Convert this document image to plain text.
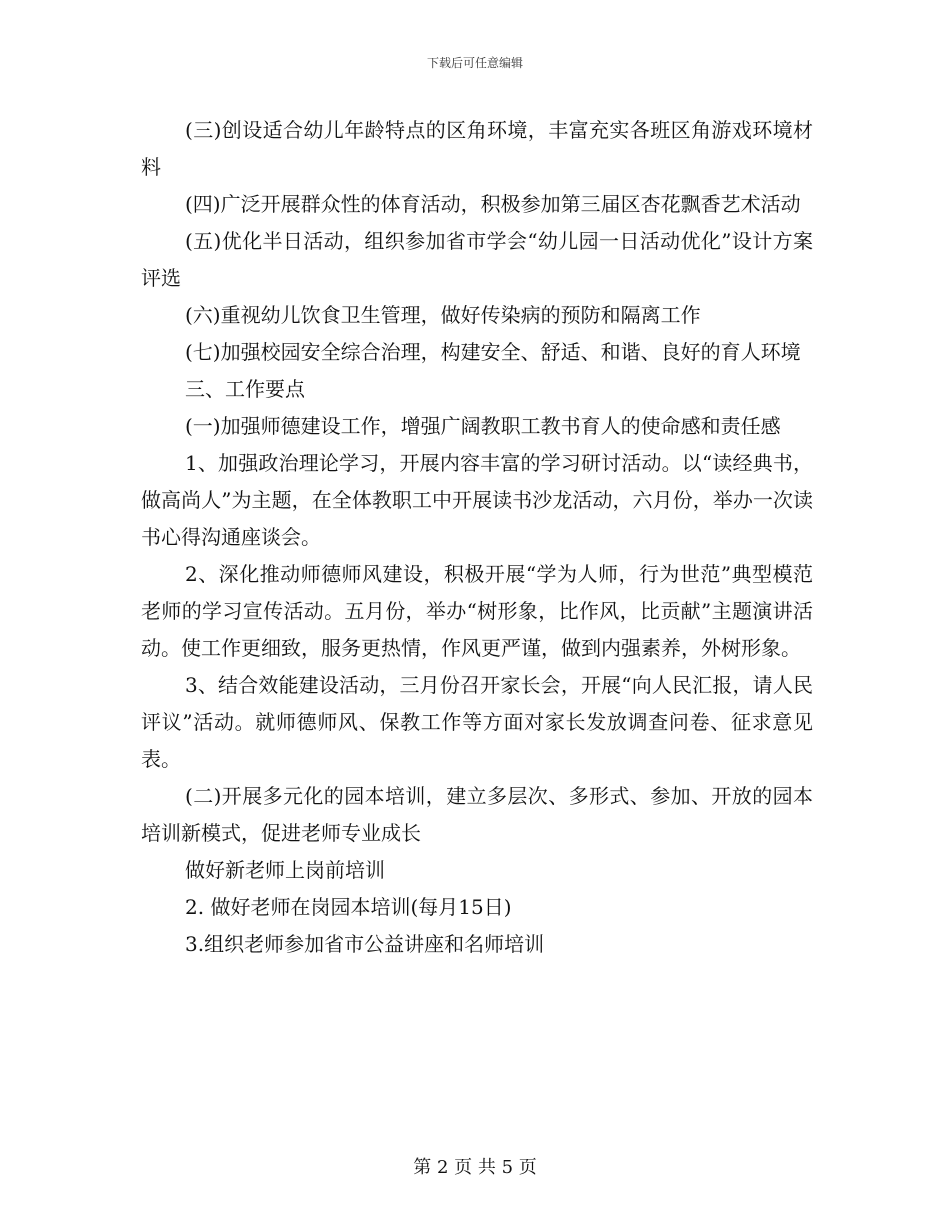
下载后可任意编辑

(三)创设适合幼儿年龄特点的区角环境，丰富充实各班区角游戏环境材料

(四)广泛开展群众性的体育活动，积极参加第三届区杏花飘香艺术活动

(五)优化半日活动，组织参加省市学会“幼儿园一日活动优化”设计方案评选

(六)重视幼儿饮食卫生管理，做好传染病的预防和隔离工作

(七)加强校园安全综合治理，构建安全、舒适、和谐、良好的育人环境

三、工作要点

(一)加强师德建设工作，增强广阔教职工教书育人的使命感和责任感

1、加强政治理论学习，开展内容丰富的学习研讨活动。以“读经典书，做高尚人”为主题，在全体教职工中开展读书沙龙活动，六月份，举办一次读书心得沟通座谈会。

2、深化推动师德师风建设，积极开展“学为人师，行为世范”典型模范老师的学习宣传活动。五月份，举办“树形象，比作风，比贡献”主题演讲活动。使工作更细致，服务更热情，作风更严谨，做到内强素养，外树形象。

3、结合效能建设活动，三月份召开家长会，开展“向人民汇报，请人民评议”活动。就师德师风、保教工作等方面对家长发放调查问卷、征求意见表。

(二)开展多元化的园本培训，建立多层次、多形式、参加、开放的园本培训新模式，促进老师专业成长

做好新老师上岗前培训

2. 做好老师在岗园本培训(每月15日)

3.组织老师参加省市公益讲座和名师培训

第 2 页 共 5 页
